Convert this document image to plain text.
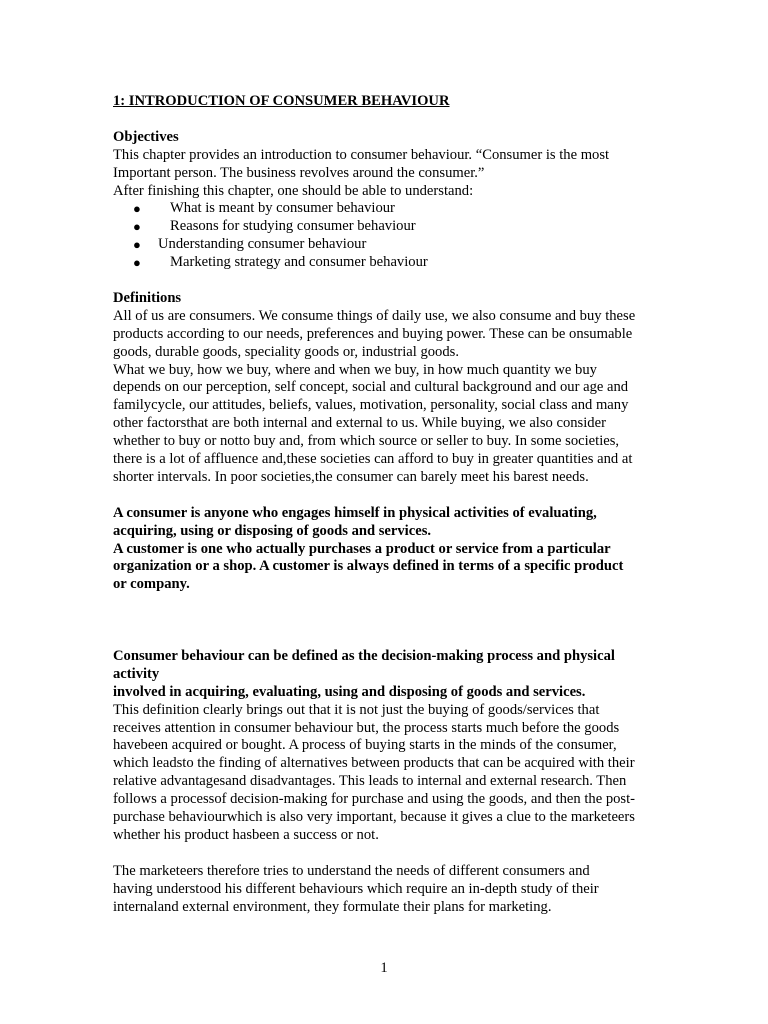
1: INTRODUCTION OF CONSUMER BEHAVIOUR
Objectives
This chapter provides an introduction to consumer behaviour. “Consumer is the most
Important person. The business revolves around the consumer.”
After finishing this chapter, one should be able to understand:
● What is meant by consumer behaviour
● Reasons for studying consumer behaviour
● Understanding consumer behaviour
● Marketing strategy and consumer behaviour
Definitions
All of us are consumers. We consume things of daily use, we also consume and buy these
products according to our needs, preferences and buying power. These can be onsumable
goods, durable goods, speciality goods or, industrial goods.
What we buy, how we buy, where and when we buy, in how much quantity we buy
depends on our perception, self concept, social and cultural background and our age and
familycycle, our attitudes, beliefs, values, motivation, personality, social class and many
other factorsthat are both internal and external to us. While buying, we also consider
whether to buy or notto buy and, from which source or seller to buy. In some societies,
there is a lot of affluence and,these societies can afford to buy in greater quantities and at
shorter intervals. In poor societies,the consumer can barely meet his barest needs.
A consumer is anyone who engages himself in physical activities of evaluating,
acquiring, using or disposing of goods and services.
A customer is one who actually purchases a product or service from a particular
organization or a shop. A customer is always defined in terms of a specific product
or company.
Consumer behaviour can be defined as the decision-making process and physical
activity
involved in acquiring, evaluating, using and disposing of goods and services.
This definition clearly brings out that it is not just the buying of goods/services that
receives attention in consumer behaviour but, the process starts much before the goods
havebeen acquired or bought. A process of buying starts in the minds of the consumer,
which leadsto the finding of alternatives between products that can be acquired with their
relative advantagesand disadvantages. This leads to internal and external research. Then
follows a processof decision-making for purchase and using the goods, and then the post-
purchase behaviourwhich is also very important, because it gives a clue to the marketeers
whether his product hasbeen a success or not.
The marketeers therefore tries to understand the needs of different consumers and
having understood his different behaviours which require an in-depth study of their
internaland external environment, they formulate their plans for marketing.
1
